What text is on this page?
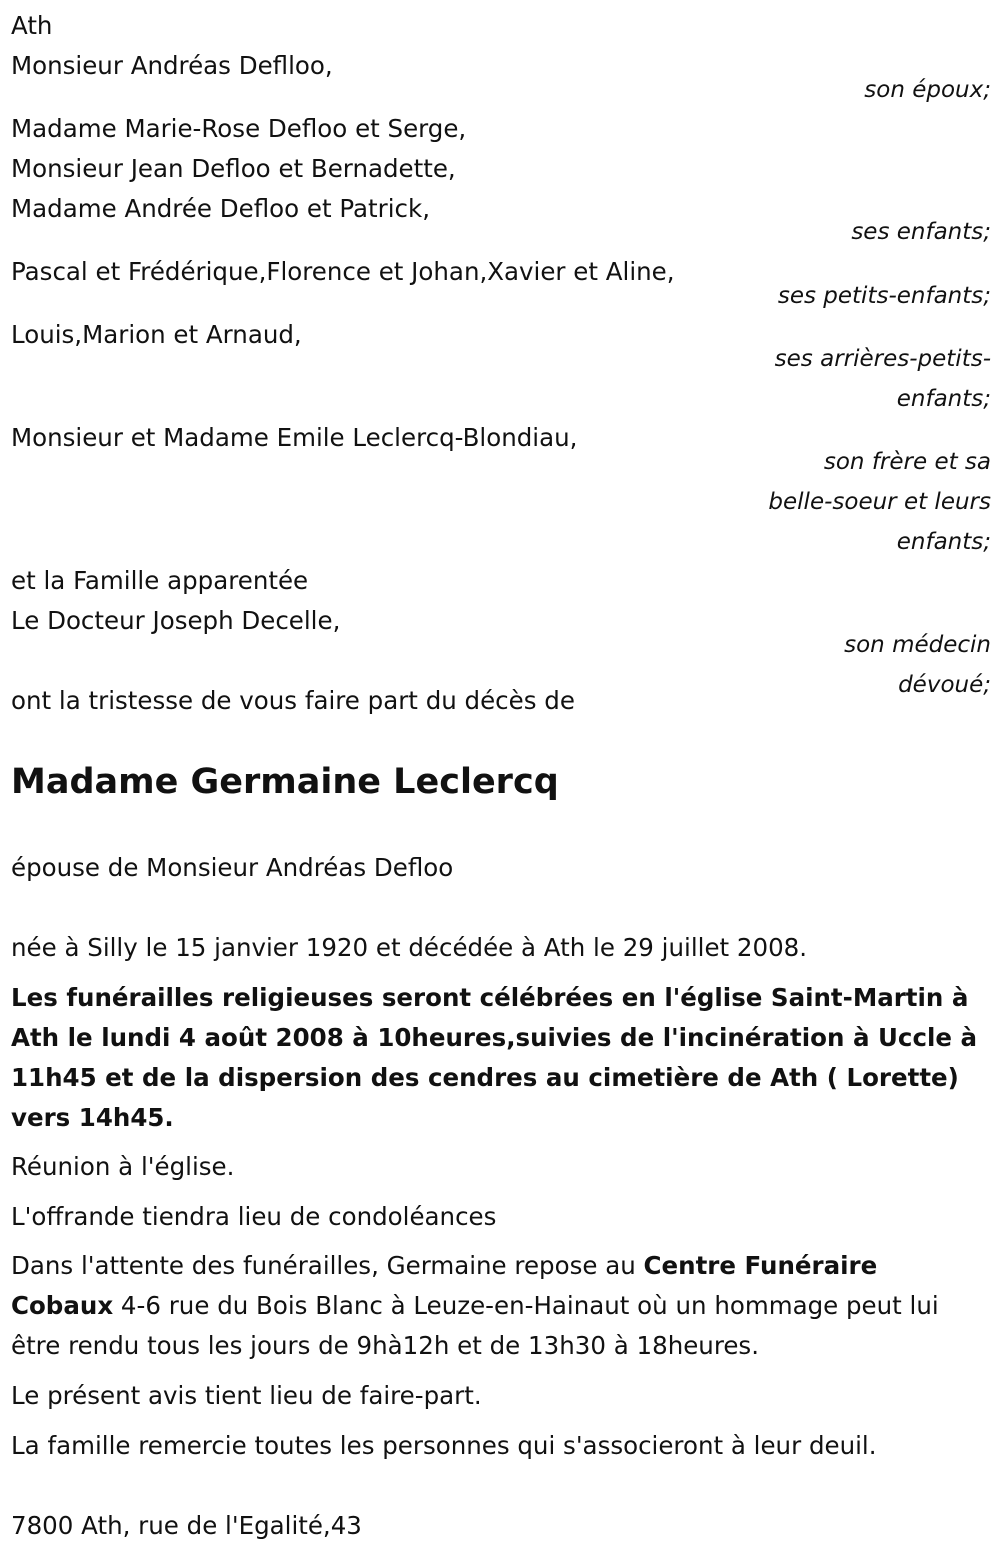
Ath
Monsieur Andréas Deflloo,
son époux;
Madame Marie-Rose Defloo et Serge,
Monsieur Jean Defloo et Bernadette,
Madame Andrée Defloo et Patrick,
ses enfants;
Pascal et Frédérique,Florence et Johan,Xavier et Aline,
ses petits-enfants;
Louis,Marion et Arnaud,
ses arrières-petits-
enfants;
Monsieur et Madame Emile Leclercq-Blondiau,
son frère et sa
belle-soeur et leurs
enfants;
et la Famille apparentée
Le Docteur Joseph Decelle,
son médecin
dévoué;
ont la tristesse de vous faire part du décès de
Madame Germaine Leclercq
épouse de Monsieur Andréas Defloo
née à Silly le 15 janvier 1920 et décédée à Ath le 29 juillet 2008.
Les funérailles religieuses seront célébrées en l'église Saint-Martin à Ath le lundi 4 août 2008 à 10heures,suivies de l'incinération à Uccle à 11h45 et de la dispersion des cendres au cimetière de Ath ( Lorette) vers 14h45.
Réunion à l'église.
L'offrande tiendra lieu de condoléances
Dans l'attente des funérailles, Germaine repose au Centre Funéraire Cobaux 4-6 rue du Bois Blanc à Leuze-en-Hainaut où un hommage peut lui être rendu tous les jours de 9hà12h et de 13h30 à 18heures.
Le présent avis tient lieu de faire-part.
La famille remercie toutes les personnes qui s'associeront à leur deuil.
7800 Ath, rue de l'Egalité,43
